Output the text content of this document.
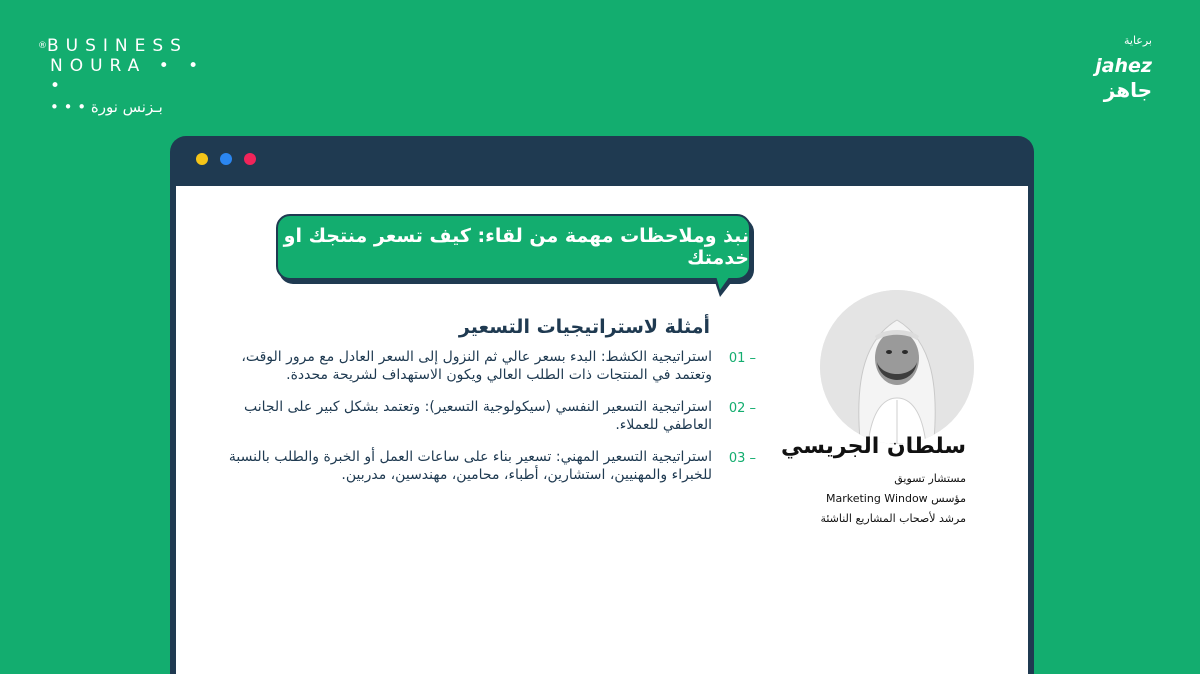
®BUSINESS
NOURA • • •
بـزنس نورة • • •
برعاية
jahez
جاهز
نبذ وملاحظات مهمة من لقاء: كيف تسعر منتجك او خدمتك
أمثلة لاستراتيجيات التسعير
01 –
استراتيجية الكشط: البدء بسعر عالي ثم النزول إلى السعر العادل مع مرور الوقت، وتعتمد في المنتجات ذات الطلب العالي ويكون الاستهداف لشريحة محددة.
02 –
استراتيجية التسعير النفسي (سيكولوجية التسعير): وتعتمد بشكل كبير على الجانب العاطفي للعملاء.
03 –
استراتيجية التسعير المهني: تسعير بناء على ساعات العمل أو الخبرة والطلب بالنسبة للخبراء والمهنيين، استشارين، أطباء، محامين، مهندسين، مدربين.
سلطان الجريسي
مستشار تسويق
مؤسس Marketing Window
مرشد لأصحاب المشاريع الناشئة
